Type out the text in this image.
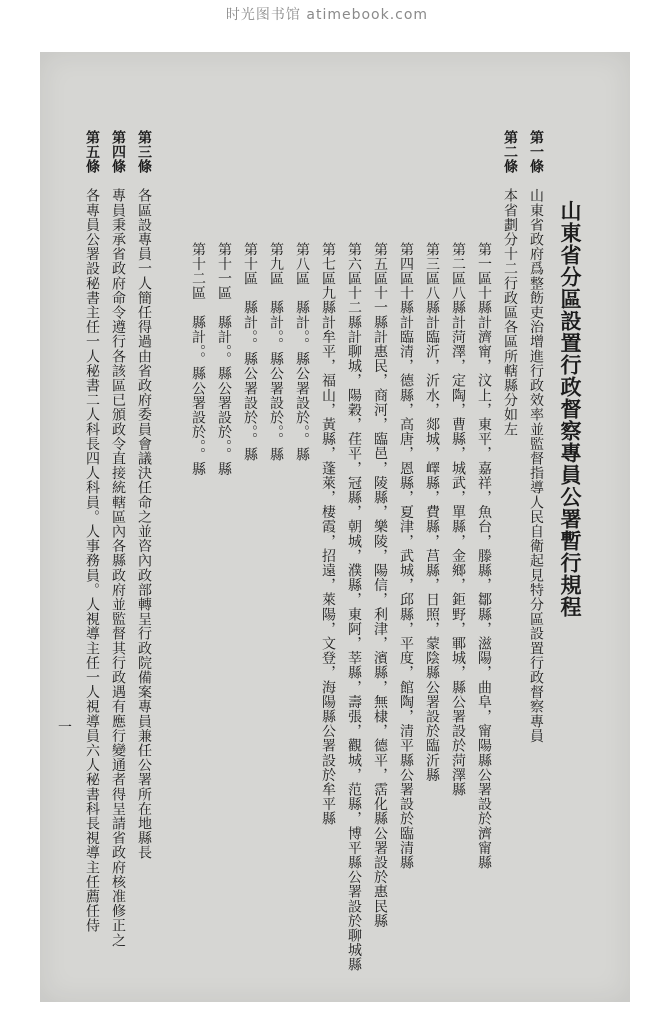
时光图书馆 atimebook.com
山東省分區設置行政督察專員公署暫行規程
第一條　山東省政府爲整飭吏治增進行政效率並監督指導人民自衛起見特分區設置行政督察專員
第二條　本省劃分十二行政區各區所轄縣分如左
第一區十縣計濟甯，汶上，東平，嘉祥，魚台，滕縣，鄒縣，滋陽，曲阜，甯陽縣公署設於濟甯縣
第二區八縣計菏澤，定陶，曹縣，城武，單縣，金鄉，鉅野，鄆城，縣公署設於菏澤縣
第三區八縣計臨沂，沂水，郯城，嶧縣，費縣，莒縣，日照，蒙陰縣公署設於臨沂縣
第四區十縣計臨清，德縣，高唐，恩縣，夏津，武城，邱縣，平度，館陶，清平縣公署設於臨清縣
第五區十一縣計惠民，商河，臨邑，陵縣，樂陵，陽信，利津，濱縣，無棣，德平，霑化縣公署設於惠民縣
第六區十二縣計聊城，陽穀，荏平，冠縣，朝城，濮縣，東阿，莘縣，壽張，觀城，范縣，博平縣公署設於聊城縣
第七區九縣計牟平，福山，黃縣，蓬萊，棲霞，招遠，萊陽，文登，海陽縣公署設於牟平縣
第八區　縣計。。縣公署設於。。縣
第九區　縣計。。縣公署設於。。縣
第十區　縣計。。縣公署設於。。縣
第十一區　縣計。。縣公署設於。。縣
第十二區　縣計。。縣公署設於。。縣
第三條　各區設專員一人簡任得過由省政府委員會議決任命之並咨內政部轉呈行政院備案專員兼任公署所在地縣長
第四條　專員秉承省政府命令遵行各該區已頒政令直接統轄區內各縣政府並監督其行政遇有應行變通者得呈請省政府核准修正之
第五條　各專員公署設秘書主任一人秘書二人科長四人科員。人事務員。人視導主任一人視導員六人秘書科長視導主任薦任侍
一
